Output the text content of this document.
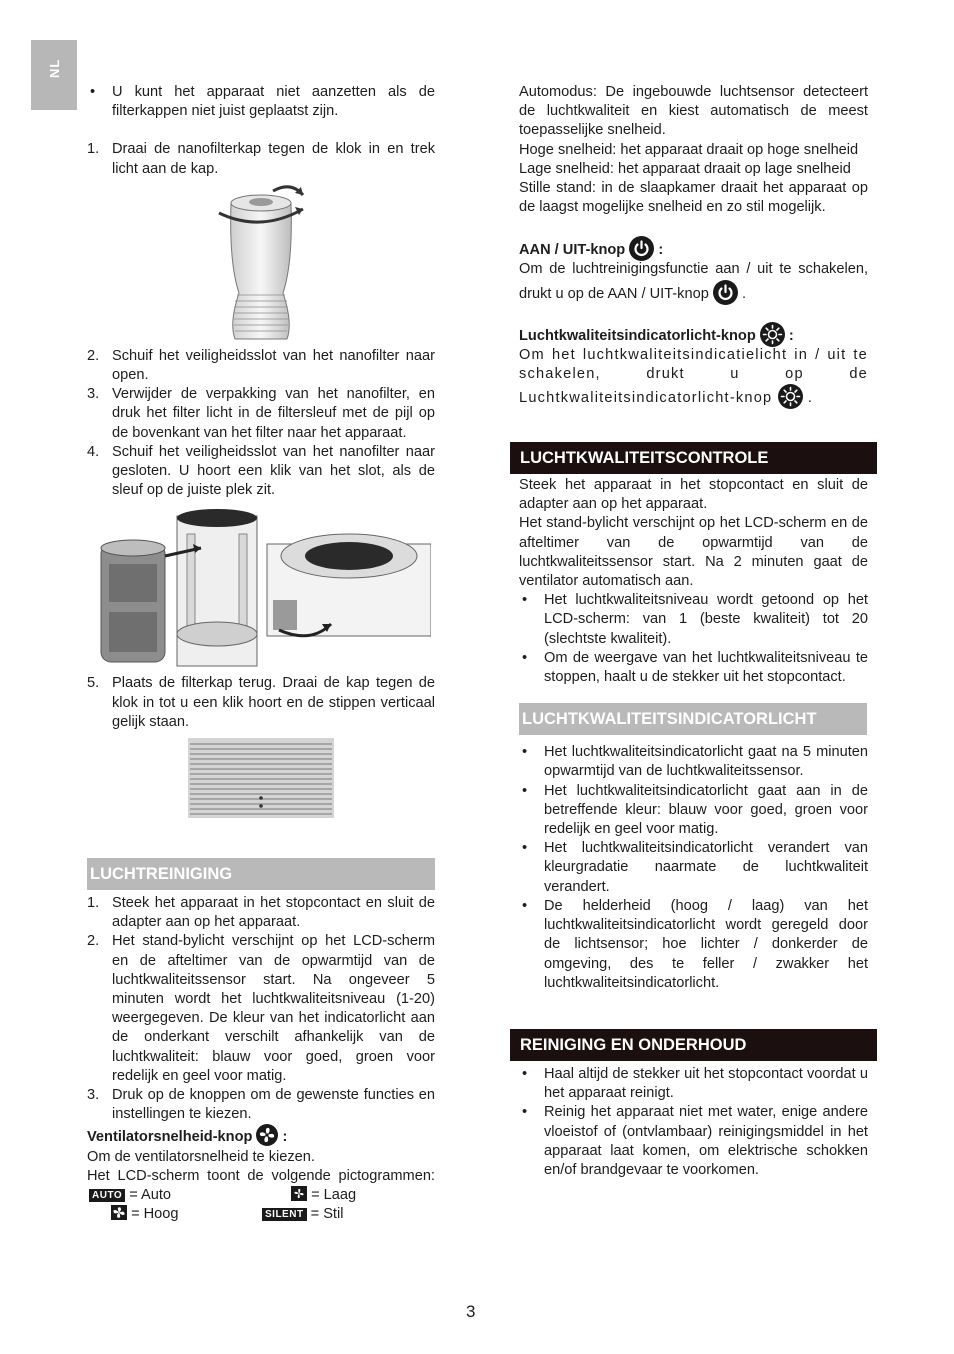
NL
• U kunt het apparaat niet aanzetten als de filterkappen niet juist geplaatst zijn.
1. Draai de nanofilterkap tegen de klok in en trek licht aan de kap.
2. Schuif het veiligheidsslot van het nanofilter naar open.
3. Verwijder de verpakking van het nanofilter, en druk het filter licht in de filtersleuf met de pijl op de bovenkant van het filter naar het apparaat.
4. Schuif het veiligheidsslot van het nanofilter naar gesloten. U hoort een klik van het slot, als de sleuf op de juiste plek zit.
5. Plaats de filterkap terug. Draai de kap tegen de klok in tot u een klik hoort en de stippen verticaal gelijk staan.
LUCHTREINIGING
1. Steek het apparaat in het stopcontact en sluit de adapter aan op het apparaat.
2. Het stand-bylicht verschijnt op het LCD-scherm en de afteltimer van de opwarmtijd van de luchtkwaliteitssensor start. Na ongeveer 5 minuten wordt het luchtkwaliteitsniveau (1-20) weergegeven. De kleur van het indicatorlicht aan de onderkant verschilt afhankelijk van de luchtkwaliteit: blauw voor goed, groen voor redelijk en geel voor matig.
3. Druk op de knoppen om de gewenste functies en instellingen te kiezen.
Ventilatorsnelheid-knop :

Om de ventilatorsnelheid te kiezen.

Het LCD-scherm toont de volgende pictogrammen:

AUTO = Auto	= Laag
= Hoog	SILENT = Stil

Automodus: De ingebouwde luchtsensor detecteert de luchtkwaliteit en kiest automatisch de meest toepasselijke snelheid.

Hoge snelheid: het apparaat draait op hoge snelheid

Lage snelheid: het apparaat draait op lage snelheid

Stille stand: in de slaapkamer draait het apparaat op de laagst mogelijke snelheid en zo stil mogelijk.

AAN / UIT-knop :

Om de luchtreinigingsfunctie aan / uit te schakelen, drukt u op de AAN / UIT-knop
.

Luchtkwaliteitsindicatorlicht-knop :

Om het luchtkwaliteitsindicatielicht in / uit te schakelen, drukt u op de Luchtkwaliteitsindicatorlicht-knop
.

LUCHTKWALITEITSCONTROLE

Steek het apparaat in het stopcontact en sluit de adapter aan op het apparaat.

Het stand-bylicht verschijnt op het LCD-scherm en de afteltimer van de opwarmtijd van de luchtkwaliteitssensor start. Na 2 minuten gaat de ventilator automatisch aan.

• Het luchtkwaliteitsniveau wordt getoond op het LCD-scherm: van 1 (beste kwaliteit) tot 20 (slechtste kwaliteit).
• Om de weergave van het luchtkwaliteitsniveau te stoppen, haalt u de stekker uit het stopcontact.
LUCHTKWALITEITSINDICATORLICHT
• Het luchtkwaliteitsindicatorlicht gaat na 5 minuten opwarmtijd van de luchtkwaliteitssensor.
• Het luchtkwaliteitsindicatorlicht gaat aan in de betreffende kleur: blauw voor goed, groen voor redelijk en geel voor matig.
• Het luchtkwaliteitsindicatorlicht verandert van kleurgradatie naarmate de luchtkwaliteit verandert.
• De helderheid (hoog / laag) van het luchtkwaliteitsindicatorlicht wordt geregeld door de lichtsensor; hoe lichter / donkerder de omgeving, des te feller / zwakker het luchtkwaliteitsindicatorlicht.
REINIGING EN ONDERHOUD
• Haal altijd de stekker uit het stopcontact voordat u het apparaat reinigt.
• Reinig het apparaat niet met water, enige andere vloeistof of (ontvlambaar) reinigingsmiddel in het apparaat laat komen, om elektrische schokken en/of brandgevaar te voorkomen.
3
